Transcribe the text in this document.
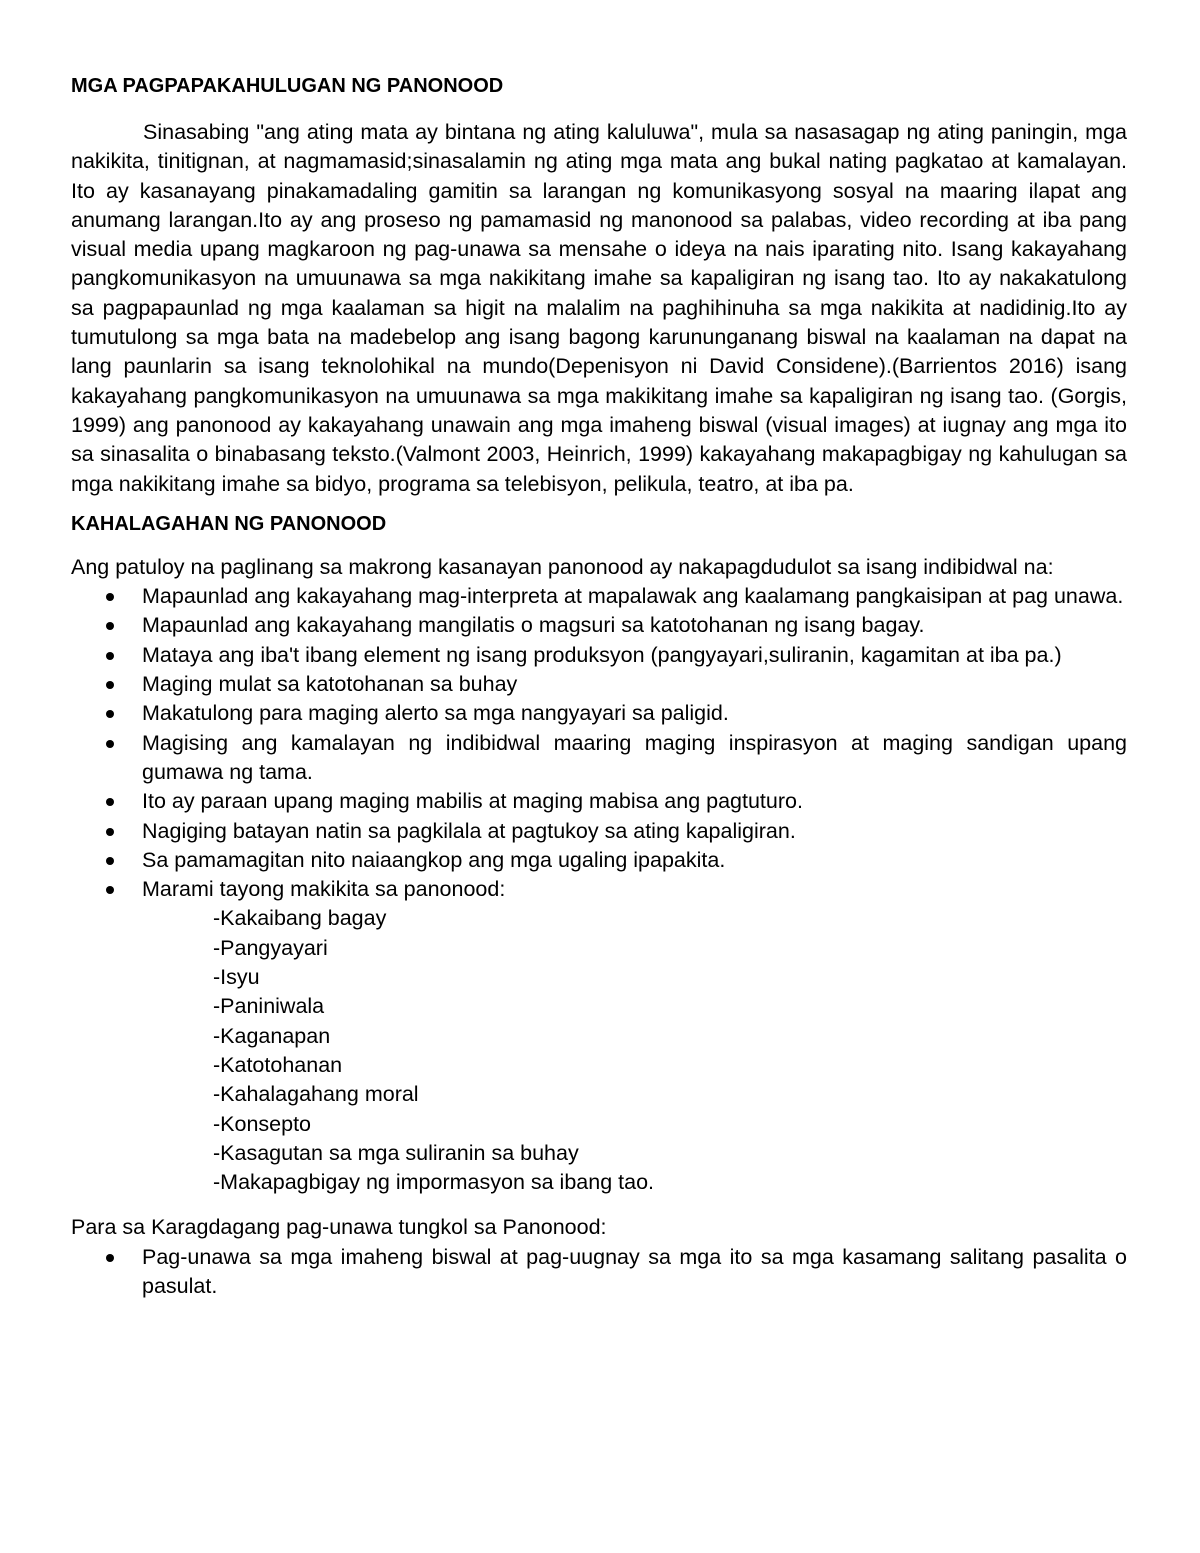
MGA PAGPAPAKAHULUGAN NG PANONOOD

Sinasabing "ang ating mata ay bintana ng ating kaluluwa", mula sa nasasagap ng ating paningin, mga nakikita, tinitignan, at nagmamasid;sinasalamin ng ating mga mata ang bukal nating pagkatao at kamalayan. Ito ay kasanayang pinakamadaling gamitin sa larangan ng komunikasyong sosyal na maaring ilapat ang anumang larangan.Ito ay ang proseso ng pamamasid ng manonood sa palabas, video recording at iba pang visual media upang magkaroon ng pag-unawa sa mensahe o ideya na nais iparating nito. Isang kakayahang pangkomunikasyon na umuunawa sa mga nakikitang imahe sa kapaligiran ng isang tao. Ito ay nakakatulong sa pagpapaunlad ng mga kaalaman sa higit na malalim na paghihinuha sa mga nakikita at nadidinig.Ito ay tumutulong sa mga bata na madebelop ang isang bagong karununganang biswal na kaalaman na dapat na lang paunlarin sa isang teknolohikal na mundo(Depenisyon ni David Considene).(Barrientos 2016) isang kakayahang pangkomunikasyon na umuunawa sa mga makikitang imahe sa kapaligiran ng isang tao. (Gorgis, 1999) ang panonood ay kakayahang unawain ang mga imaheng biswal (visual images) at iugnay ang mga ito sa sinasalita o binabasang teksto.(Valmont 2003, Heinrich, 1999) kakayahang makapagbigay ng kahulugan sa mga nakikitang imahe sa bidyo, programa sa telebisyon, pelikula, teatro, at iba pa.

KAHALAGAHAN NG PANONOOD

Ang patuloy na paglinang sa makrong kasanayan panonood ay nakapagdudulot sa isang indibidwal na:

Mapaunlad ang kakayahang mag-interpreta at mapalawak ang kaalamang pangkaisipan at pag unawa.
Mapaunlad ang kakayahang mangilatis o magsuri sa katotohanan ng isang bagay.
Mataya ang iba't ibang element ng isang produksyon (pangyayari,suliranin, kagamitan at iba pa.)
Maging mulat sa katotohanan sa buhay
Makatulong para maging alerto sa mga nangyayari sa paligid.
Magising ang kamalayan ng indibidwal maaring maging inspirasyon at maging sandigan upang gumawa ng tama.
Ito ay paraan upang maging mabilis at maging mabisa ang pagtuturo.
Nagiging batayan natin sa pagkilala at pagtukoy sa ating kapaligiran.
Sa pamamagitan nito naiaangkop ang mga ugaling ipapakita.
Marami tayong makikita sa panonood:
-Kakaibang bagay
-Pangyayari
-Isyu
-Paniniwala
-Kaganapan
-Katotohanan
-Kahalagahang moral
-Konsepto
-Kasagutan sa mga suliranin sa buhay
-Makapagbigay ng impormasyon sa ibang tao.

Para sa Karagdagang pag-unawa tungkol sa Panonood:

Pag-unawa sa mga imaheng biswal at pag-uugnay sa mga ito sa mga kasamang salitang pasalita o pasulat.
